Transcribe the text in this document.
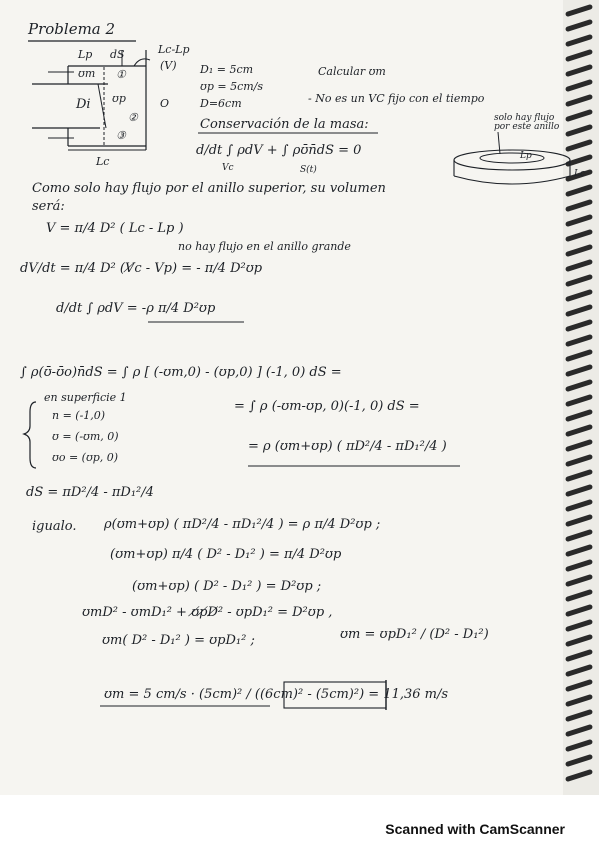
Problema 2
Lp dS	Lc-Lp
(V)
ʊm ①
Di ʊp
②
③
O
Lc
D₁ = 5cm
ʊp = 5cm/s
D=6cm
Calcular ʊm
- No es un VC fijo con el tiempo
solo hay flujo por este anillo
Lp
Lc
Conservación de la masa:
d/dt ∫ ρdV + ∫ ρʊ̄n̄dS = 0
Vc	S(t)
Como solo hay flujo por el anillo superior, su volumen
será:
V = π/4 D² ( Lc - Lp )
no hay flujo en el anillo grande
dV/dt = π/4 D² (V̸c - Vp) = - π/4 D²ʊp
d/dt ∫ ρdV = -ρ π/4 D²ʊp
∫ ρ(ʊ̄-ʊ̄o)n̄dS = ∫ ρ [ (-ʊm,0) - (ʊp,0) ] (-1, 0) dS =
en superficie 1
n = (-1,0)
ʊ = (-ʊm, 0)
ʊo = (ʊp, 0)
= ∫ ρ (-ʊm-ʊp, 0)(-1, 0) dS =
= ρ (ʊm+ʊp) ( πD²/4 - πD₁²/4 )
dS = πD²/4 - πD₁²/4
igualo. ρ(ʊm+ʊp) ( πD²/4 - πD₁²/4 ) = ρ π/4 D²ʊp ;
(ʊm+ʊp) π/4 ( D² - D₁² ) = π/4 D²ʊp
(ʊm+ʊp) ( D² - D₁² ) = D²ʊp ;
ʊmD² - ʊmD₁² + ʊ̸p̸D̸² - ʊpD₁² = D²ʊp ,
ʊm( D² - D₁² ) = ʊpD₁² ;	ʊm = ʊpD₁² / (D² - D₁²)
ʊm = 5 cm/s · (5cm)² / ((6cm)² - (5cm)²) = 11,36 m/s
Scanned with CamScanner
